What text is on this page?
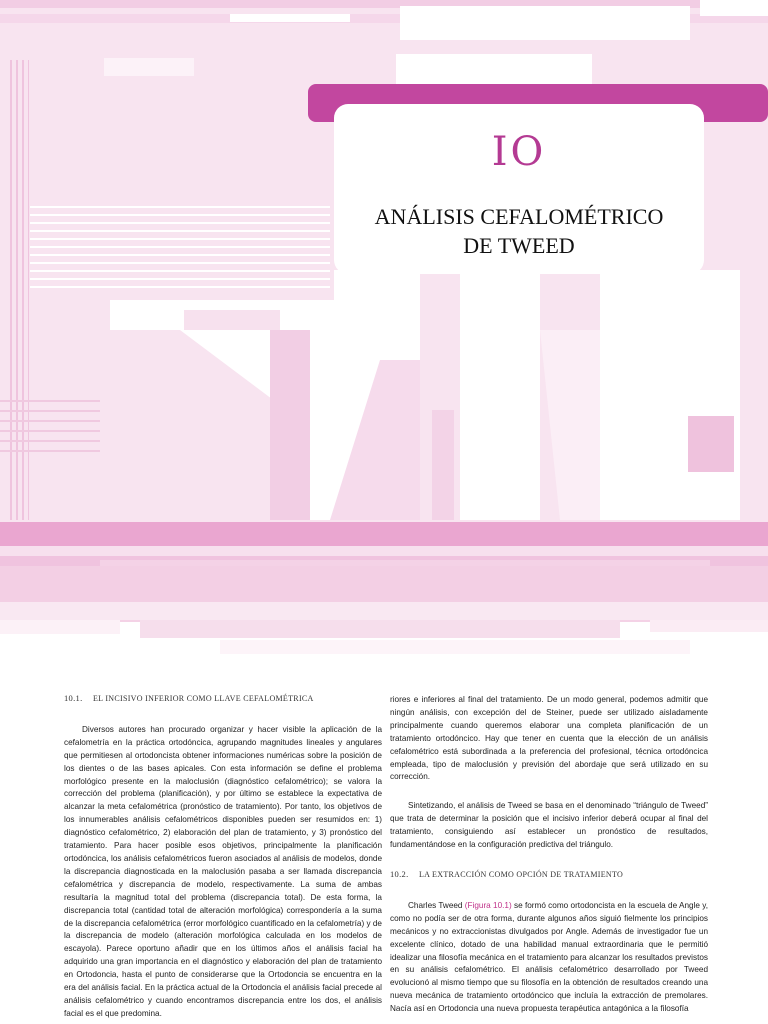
IO
ANÁLISIS CEFALOMÉTRICO
DE TWEED
10.1. EL INCISIVO INFERIOR COMO LLAVE CEFALOMÉTRICA

Diversos autores han procurado organizar y hacer visible la aplicación de la cefalometría en la práctica ortodóncica, agrupando magnitudes lineales y angulares que permitiesen al ortodoncista obtener informaciones numéricas sobre la posición de los dientes o de las bases apicales. Con esta información se define el problema morfológico presente en la maloclusión (diagnóstico cefalométrico); se valora la corrección del problema (planificación), y por último se establece la expectativa de alcanzar la meta cefalométrica (pronóstico de tratamiento). Por tanto, los objetivos de los innumerables análisis cefalométricos disponibles pueden ser resumidos en: 1) diagnóstico cefalométrico, 2) elaboración del plan de tratamiento, y 3) pronóstico del tratamiento. Para hacer posible esos objetivos, principalmente la planificación ortodóncica, los análisis cefalométricos fueron asociados al análisis de modelos, donde la discrepancia diagnosticada en la maloclusión pasaba a ser llamada discrepancia cefalométrica y discrepancia de modelo, respectivamente. La suma de ambas resultaría la magnitud total del problema (discrepancia total). De esta forma, la discrepancia total (cantidad total de alteración morfológica) correspondería a la suma de la discrepancia cefalométrica (error morfológico cuantificado en la cefalometría) y de la discrepancia de modelo (alteración morfológica calculada en los modelos de escayola). Parece oportuno añadir que en los últimos años el análisis facial ha adquirido una gran importancia en el diagnóstico y elaboración del plan de tratamiento en Ortodoncia, hasta el punto de considerarse que la Ortodoncia se encuentra en la era del análisis facial. En la práctica actual de la Ortodoncia el análisis facial precede al análisis cefalométrico y cuando encontramos discrepancia entre los dos, el análisis facial es el que predomina.

riores e inferiores al final del tratamiento. De un modo general, podemos admitir que ningún análisis, con excepción del de Steiner, puede ser utilizado aisladamente principalmente cuando queremos elaborar una completa planificación de un tratamiento ortodóncico. Hay que tener en cuenta que la elección de un análisis cefalométrico está subordinada a la preferencia del profesional, técnica ortodóncica empleada, tipo de maloclusión y previsión del abordaje que será utilizado en su corrección.

Sintetizando, el análisis de Tweed se basa en el denominado “triángulo de Tweed” que trata de determinar la posición que el incisivo inferior deberá ocupar al final del tratamiento, consiguiendo así establecer un pronóstico de resultados, fundamentándose en la configuración predictiva del triángulo.

10.2. LA EXTRACCIÓN COMO OPCIÓN DE TRATAMIENTO

Charles Tweed (Figura 10.1) se formó como ortodoncista en la escuela de Angle y, como no podía ser de otra forma, durante algunos años siguió fielmente los principios mecánicos y no extraccionistas divulgados por Angle. Además de investigador fue un excelente clínico, dotado de una habilidad manual extraordinaria que le permitió idealizar una filosofía mecánica en el tratamiento para alcanzar los resultados previstos en su análisis cefalométrico. El análisis cefalométrico desarrollado por Tweed evolucionó al mismo tiempo que su filosofía en la obtención de resultados creando una nueva mecánica de tratamiento ortodóncico que incluía la extracción de premolares. Nacía así en Ortodoncia una nueva propuesta terapéutica antagónica a la filosofía
